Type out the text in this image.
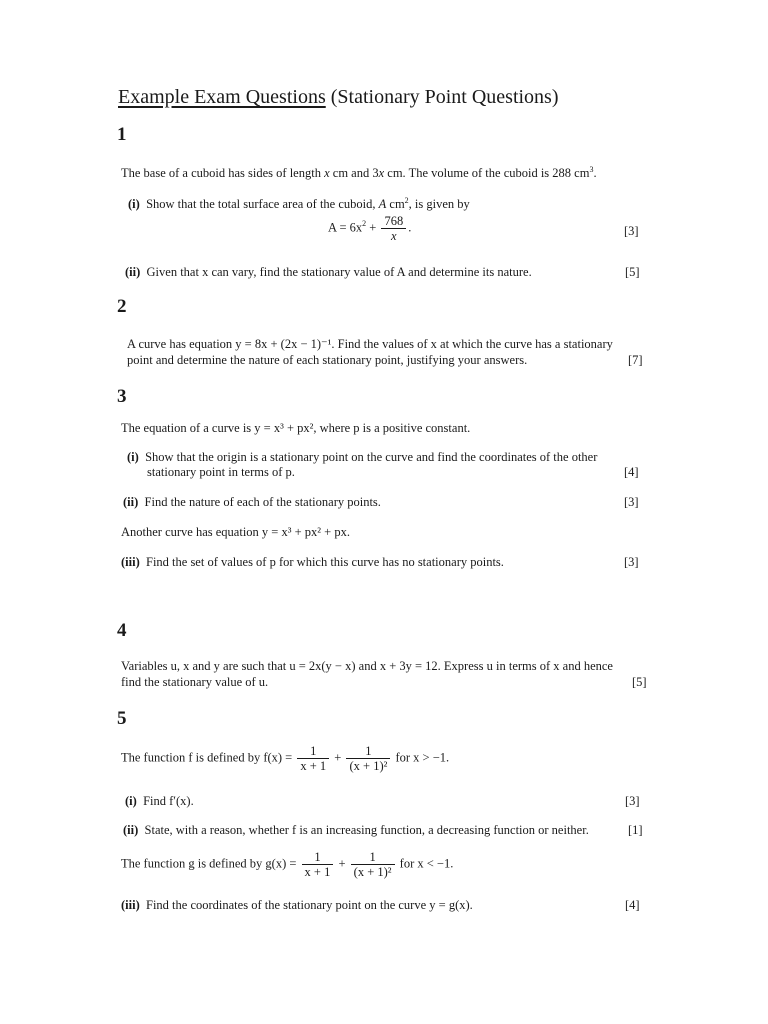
Example Exam Questions (Stationary Point Questions)
1
The base of a cuboid has sides of length x cm and 3x cm. The volume of the cuboid is 288 $cm^3$.
(i) Show that the total surface area of the cuboid, A $cm^2$, is given by
$A = 6x^2 + \frac{768}{x}$ .	[3]
(ii) Given that x can vary, find the stationary value of A and determine its nature.	[5]
2
A curve has equation y = 8x + (2x − 1)⁻¹. Find the values of x at which the curve has a stationary
point and determine the nature of each stationary point, justifying your answers.	[7]
3
The equation of a curve is y = x³ + px², where p is a positive constant.
(i) Show that the origin is a stationary point on the curve and find the coordinates of the other
stationary point in terms of p.	[4]
(ii) Find the nature of each of the stationary points.	[3]
Another curve has equation y = x³ + px² + px.
(iii) Find the set of values of p for which this curve has no stationary points.	[3]
4
Variables u, x and y are such that u = 2x(y − x) and x + 3y = 12. Express u in terms of x and hence
find the stationary value of u.	[5]
5
The function f is defined by $f(x) = \frac{1}{x + 1} + \frac{1}{\text{(x + 1)²}}$ for x > −1.
(i) Find f′(x).	[3]
(ii) State, with a reason, whether f is an increasing function, a decreasing function or neither.	[1]
The function g is defined by $g(x) = \frac{1}{x + 1} + \frac{1}{\text{(x + 1)²}}$ for x < −1.
(iii) Find the coordinates of the stationary point on the curve y = g(x).	[4]
